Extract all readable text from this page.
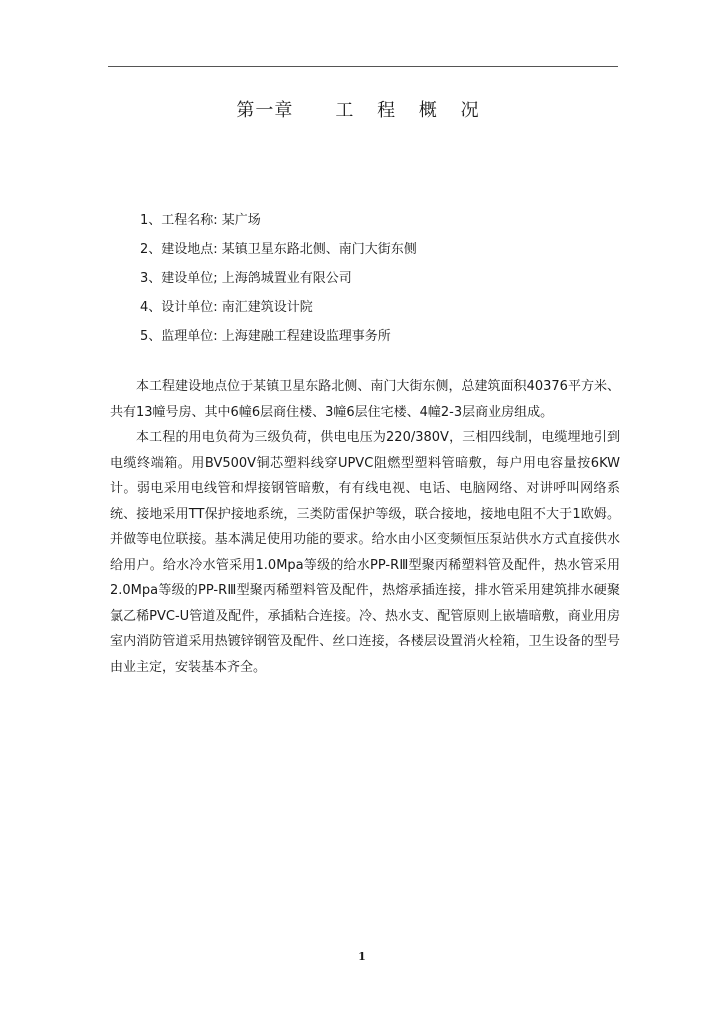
第一章 工 程 概 况
1、工程名称: 某广场
2、建设地点: 某镇卫星东路北侧、南门大街东侧
3、建设单位; 上海鸽城置业有限公司
4、设计单位: 南汇建筑设计院
5、监理单位: 上海建融工程建设监理事务所

本工程建设地点位于某镇卫星东路北侧、南门大街东侧，总建筑面积40376平方米、共有13幢号房、其中6幢6层商住楼、3幢6层住宅楼、4幢2-3层商业房组成。

本工程的用电负荷为三级负荷，供电电压为220/380V，三相四线制，电缆埋地引到电缆终端箱。用BV500V铜芯塑料线穿UPVC阻燃型塑料管暗敷，每户用电容量按6KW计。弱电采用电线管和焊接钢管暗敷，有有线电视、电话、电脑网络、对讲呼叫网络系统、接地采用TT保护接地系统，三类防雷保护等级，联合接地，接地电阻不大于1欧姆。并做等电位联接。基本满足使用功能的要求。给水由小区变频恒压泵站供水方式直接供水给用户。给水冷水管采用1.0Mpa等级的给水PP-RⅢ型聚丙稀塑料管及配件，热水管采用2.0Mpa等级的PP-RⅢ型聚丙稀塑料管及配件，热熔承插连接，排水管采用建筑排水硬聚氯乙稀PVC-U管道及配件，承插粘合连接。冷、热水支、配管原则上嵌墙暗敷，商业用房室内消防管道采用热镀锌钢管及配件、丝口连接，各楼层设置消火栓箱，卫生设备的型号由业主定，安装基本齐全。

1
